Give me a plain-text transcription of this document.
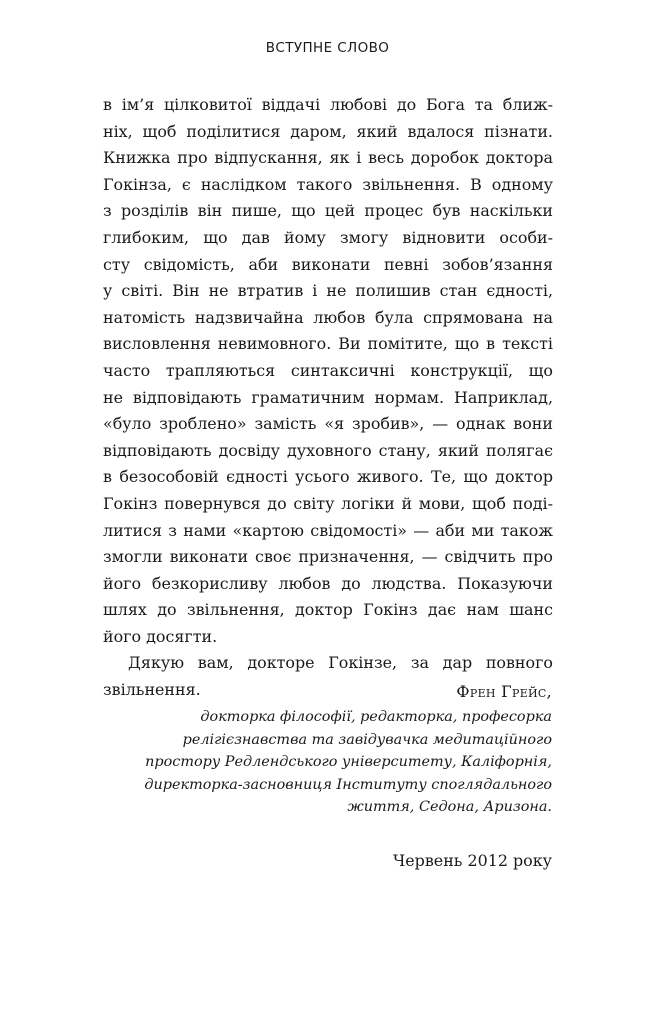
ВСТУПНЕ СЛОВО
в ім’я цілковитої віддачі любові до Бога та ближ-
ніх, щоб поділитися даром, який вдалося пізнати.
Книжка про відпускання, як і весь доробок доктора
Гокінза, є наслідком такого звільнення. В одному
з розділів він пише, що цей процес був наскільки
глибоким, що дав йому змогу відновити особи-
сту свідомість, аби виконати певні зобов’язання
у світі. Він не втратив і не полишив стан єдності,
натомість надзвичайна любов була спрямована на
висловлення невимовного. Ви помітите, що в тексті
часто трапляються синтаксичні конструкції, що
не відповідають граматичним нормам. Наприклад,
«було зроблено» замість «я зробив», — однак вони
відповідають досвіду духовного стану, який полягає
в безособовій єдності усього живого. Те, що доктор
Гокінз повернувся до світу логіки й мови, щоб поді-
литися з нами «картою свідомості» — аби ми також
змогли виконати своє призначення, — свідчить про
його безкорисливу любов до людства. Показуючи
шлях до звільнення, доктор Гокінз дає нам шанс
його досягти.
Дякую вам, докторе Гокінзе, за дар повного
звільнення.	Френ Грейс,
докторка філософії, редакторка, професорка
релігієзнавства та завідувачка медитаційного
простору Редлендського університету, Каліфорнія,
директорка-засновниця Інституту споглядального
життя, Седона, Аризона.
Червень 2012 року
